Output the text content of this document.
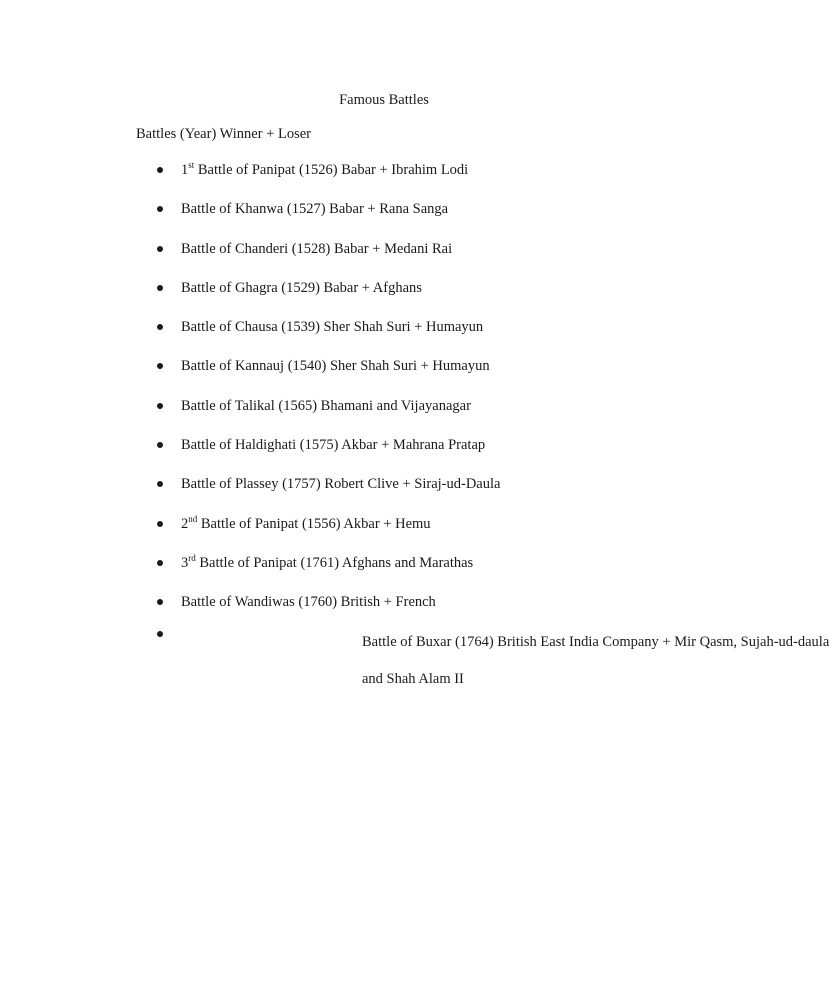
Famous Battles
Battles (Year) Winner + Loser
1st Battle of Panipat (1526) Babar + Ibrahim Lodi
Battle of Khanwa (1527) Babar + Rana Sanga
Battle of Chanderi (1528) Babar + Medani Rai
Battle of Ghagra (1529) Babar + Afghans
Battle of Chausa (1539) Sher Shah Suri + Humayun
Battle of Kannauj (1540) Sher Shah Suri + Humayun
Battle of Talikal (1565) Bhamani and Vijayanagar
Battle of Haldighati (1575) Akbar + Mahrana Pratap
Battle of Plassey (1757) Robert Clive + Siraj-ud-Daula
2nd Battle of Panipat (1556) Akbar + Hemu
3rd Battle of Panipat (1761) Afghans and Marathas
Battle of Wandiwas (1760) British + French
Battle of Buxar (1764) British East India Company + Mir Qasm, Sujah-ud-daula and Shah Alam II
